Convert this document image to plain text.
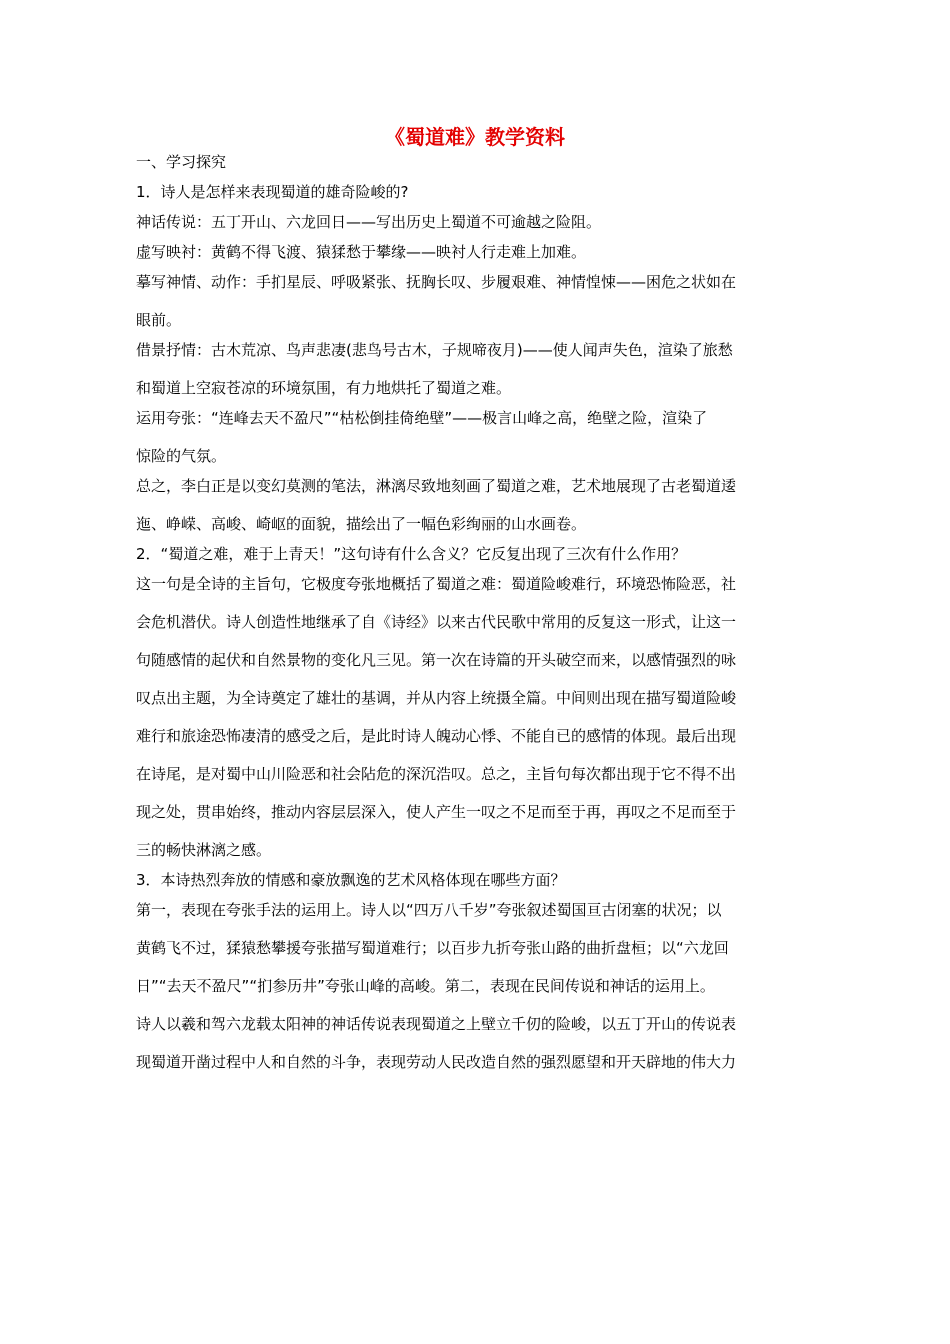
《蜀道难》教学资料
一、学习探究
1．诗人是怎样来表现蜀道的雄奇险峻的?
神话传说：五丁开山、六龙回日——写出历史上蜀道不可逾越之险阻。
虚写映衬：黄鹤不得飞渡、猿猱愁于攀缘——映衬人行走难上加难。
摹写神情、动作：手扪星辰、呼吸紧张、抚胸长叹、步履艰难、神情惶悚——困危之状如在
眼前。
借景抒情：古木荒凉、鸟声悲凄(悲鸟号古木，子规啼夜月)——使人闻声失色，渲染了旅愁
和蜀道上空寂苍凉的环境氛围，有力地烘托了蜀道之难。
运用夸张：“连峰去天不盈尺”“枯松倒挂倚绝壁”——极言山峰之高，绝壁之险，渲染了
惊险的气氛。
总之，李白正是以变幻莫测的笔法，淋漓尽致地刻画了蜀道之难，艺术地展现了古老蜀道逶
迤、峥嵘、高峻、崎岖的面貌，描绘出了一幅色彩绚丽的山水画卷。
2．“蜀道之难，难于上青天！”这句诗有什么含义？它反复出现了三次有什么作用？
这一句是全诗的主旨句，它极度夸张地概括了蜀道之难：蜀道险峻难行，环境恐怖险恶，社
会危机潜伏。诗人创造性地继承了自《诗经》以来古代民歌中常用的反复这一形式，让这一
句随感情的起伏和自然景物的变化凡三见。第一次在诗篇的开头破空而来，以感情强烈的咏
叹点出主题，为全诗奠定了雄壮的基调，并从内容上统摄全篇。中间则出现在描写蜀道险峻
难行和旅途恐怖凄清的感受之后，是此时诗人魄动心悸、不能自已的感情的体现。最后出现
在诗尾，是对蜀中山川险恶和社会阽危的深沉浩叹。总之，主旨句每次都出现于它不得不出
现之处，贯串始终，推动内容层层深入，使人产生一叹之不足而至于再，再叹之不足而至于
三的畅快淋漓之感。
3．本诗热烈奔放的情感和豪放飘逸的艺术风格体现在哪些方面？
第一，表现在夸张手法的运用上。诗人以“四万八千岁”夸张叙述蜀国亘古闭塞的状况；以
黄鹤飞不过，猱猿愁攀援夸张描写蜀道难行；以百步九折夸张山路的曲折盘桓；以“六龙回
日”“去天不盈尺”“扪参历井”夸张山峰的高峻。第二，表现在民间传说和神话的运用上。
诗人以羲和驾六龙载太阳神的神话传说表现蜀道之上壁立千仞的险峻，以五丁开山的传说表
现蜀道开凿过程中人和自然的斗争，表现劳动人民改造自然的强烈愿望和开天辟地的伟大力
